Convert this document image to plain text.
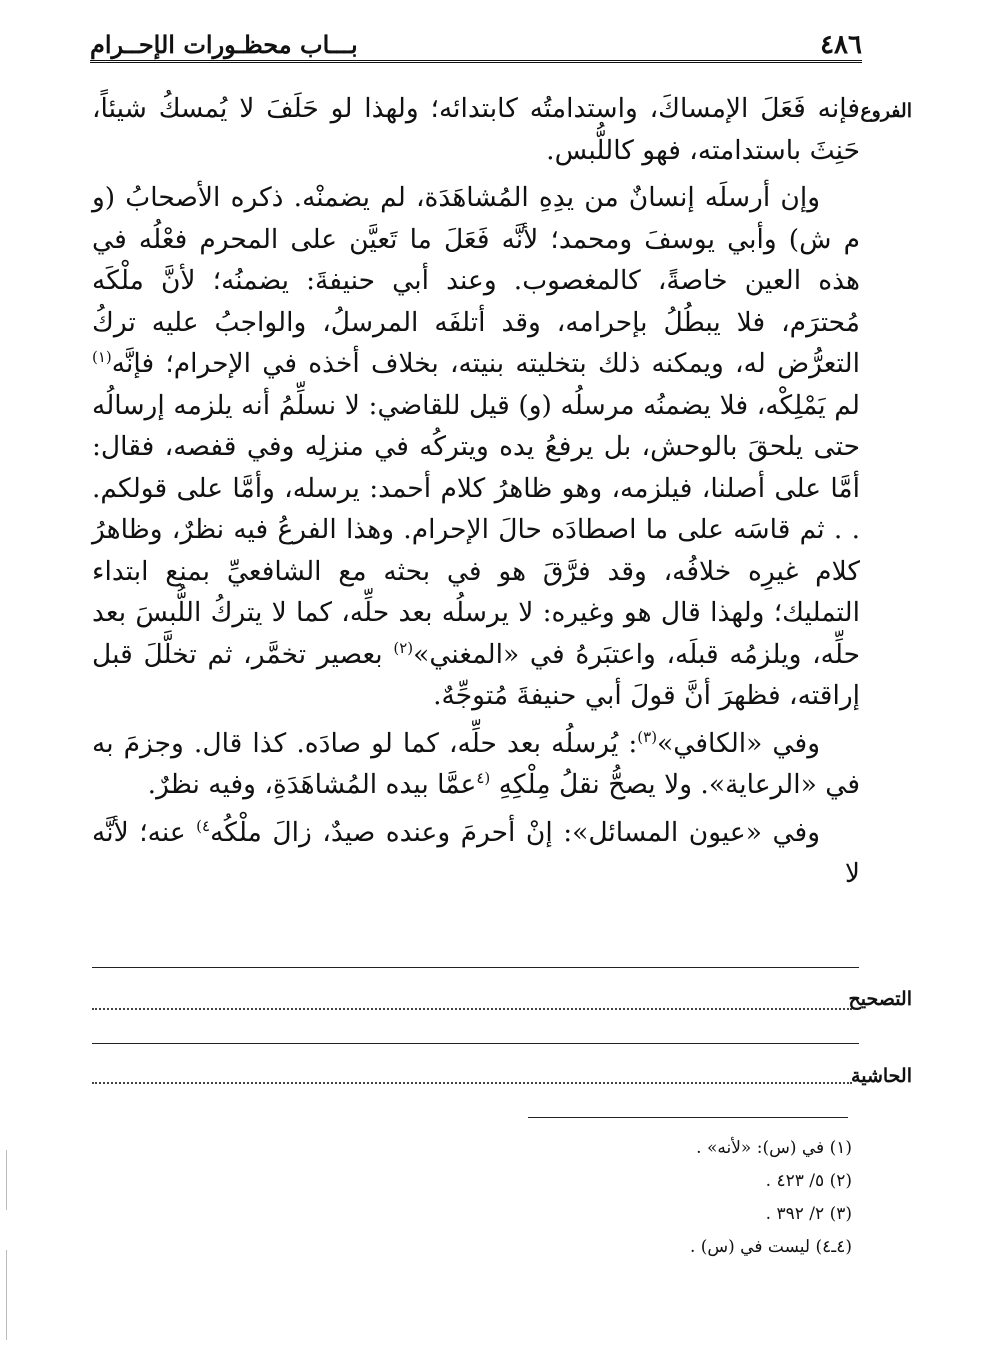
٤٨٦
بـــاب محظـورات الإحــرام
الفروع

فإنه فَعَلَ الإمساكَ، واستدامتُه كابتدائه؛ ولهذا لو حَلَفَ لا يُمسكُ شيئاً، حَنِثَ باستدامته، فهو كاللُّبس.

وإن أرسلَه إنسانٌ من يدِهِ المُشاهَدَة، لم يضمنْه. ذكره الأصحابُ (و م ش) وأبي يوسفَ ومحمد؛ لأنَّه فَعَلَ ما تَعيَّن على المحرم فعْلُه في هذه العين خاصةً، كالمغصوب. وعند أبي حنيفةَ: يضمنُه؛ لأنَّ ملْكَه مُحترَم، فلا يبطُلُ بإحرامه، وقد أتلفَه المرسلُ، والواجبُ عليه تركُ التعرُّض له، ويمكنه ذلك بتخليته بنيته، بخلاف أخذه في الإحرام؛ فإنَّه$^{(١)}$ لم يَمْلِكْه، فلا يضمنُه مرسلُه (و) قيل للقاضي: لا نسلِّمُ أنه يلزمه إرسالُه حتى يلحقَ بالوحش، بل يرفعُ يده ويتركُه في منزلِه وفي قفصه، فقال: أمَّا على أصلنا، فيلزمه، وهو ظاهرُ كلام أحمد: يرسله، وأمَّا على قولكم. . . ثم قاسَه على ما اصطادَه حالَ الإحرام. وهذا الفرعُ فيه نظرٌ، وظاهرُ كلام غيرِه خلافُه، وقد فرَّقَ هو في بحثه مع الشافعيِّ بمنع ابتداء التمليك؛ ولهذا قال هو وغيره: لا يرسلُه بعد حلِّه، كما لا يتركُ اللُّبسَ بعد حلِّه، ويلزمُه قبلَه، واعتبَرهُ في «المغني»$^{(٢)}$ بعصير تخمَّر، ثم تخلَّلَ قبل إراقته، فظهرَ أنَّ قولَ أبي حنيفةَ مُتوجِّهٌ.

وفي «الكافي»$^{(٣)}$: يُرسلُه بعد حلِّه، كما لو صادَه. كذا قال. وجزمَ به في «الرعاية». ولا يصحُّ نقلُ مِلْكِهِ $^{(٤}$عمَّا بيده المُشاهَدَةِ، وفيه نظرٌ.

وفي «عيون المسائل»: إنْ أحرمَ وعنده صيدٌ، زالَ ملْكُه$^{٤)}$ عنه؛ لأنَّه لا

التصحيح
الحاشية
(١) في (س): «لأنه» .
(٢) ٥/ ٤٢٣ .
(٣) ٢/ ٣٩٢ .
(٤ـ٤) ليست في (س) .
